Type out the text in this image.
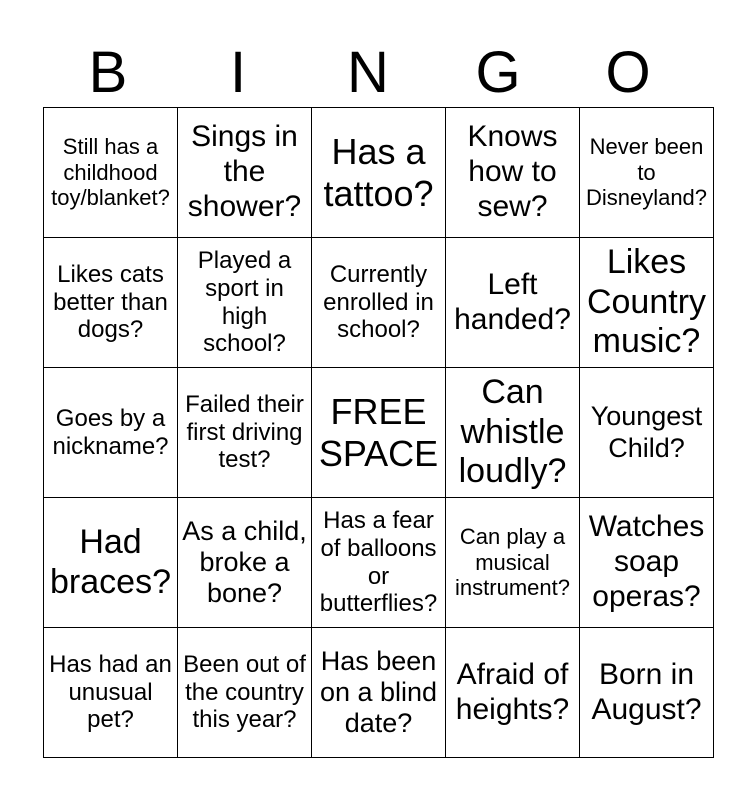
B	I	N	G	O
Still has a childhood toy/blanket?	Sings in the shower?	Has a tattoo?	Knows how to sew?	Never been to Disneyland?
Likes cats better than dogs?	Played a sport in high school?	Currently enrolled in school?	Left handed?	Likes Country music?
Goes by a nickname?	Failed their first driving test?	FREE SPACE	Can whistle loudly?	Youngest Child?
Had braces?	As a child, broke a bone?	Has a fear of balloons or butterflies?	Can play a musical instrument?	Watches soap operas?
Has had an unusual pet?	Been out of the country this year?	Has been on a blind date?	Afraid of heights?	Born in August?
